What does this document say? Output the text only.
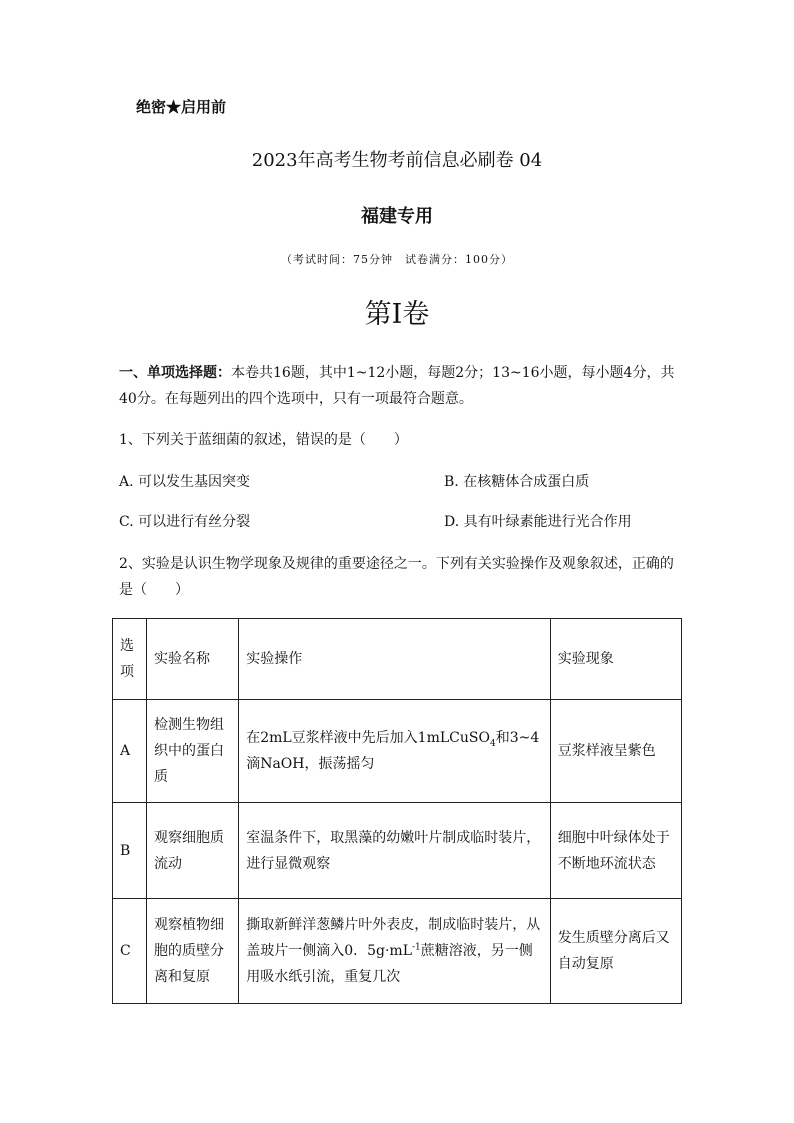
绝密★启用前
2023年高考生物考前信息必刷卷 04
福建专用
（考试时间：75分钟　试卷满分：100分）
第I卷
一、单项选择题：本卷共16题，其中1~12小题，每题2分；13~16小题，每小题4分，共40分。在每题列出的四个选项中，只有一项最符合题意。
1、下列关于蓝细菌的叙述，错误的是（　　）
A. 可以发生基因突变	B. 在核糖体合成蛋白质
C. 可以进行有丝分裂	D. 具有叶绿素能进行光合作用
2、实验是认识生物学现象及规律的重要途径之一。下列有关实验操作及观象叙述，正确的是（　　）
选项	实验名称	实验操作	实验现象
A	检测生物组织中的蛋白质	在2mL豆浆样液中先后加入1mLCuSO$_4$和3~4滴NaOH，振荡摇匀	豆浆样液呈紫色
B	观察细胞质流动	室温条件下，取黑藻的幼嫩叶片制成临时装片，进行显微观察	细胞中叶绿体处于不断地环流状态
C	观察植物细胞的质壁分离和复原	撕取新鲜洋葱鳞片叶外表皮，制成临时装片，从盖玻片一侧滴入0．$5g\cdot mL^{-1}$蔗糖溶液，另一侧用吸水纸引流，重复几次	发生质壁分离后又自动复原
